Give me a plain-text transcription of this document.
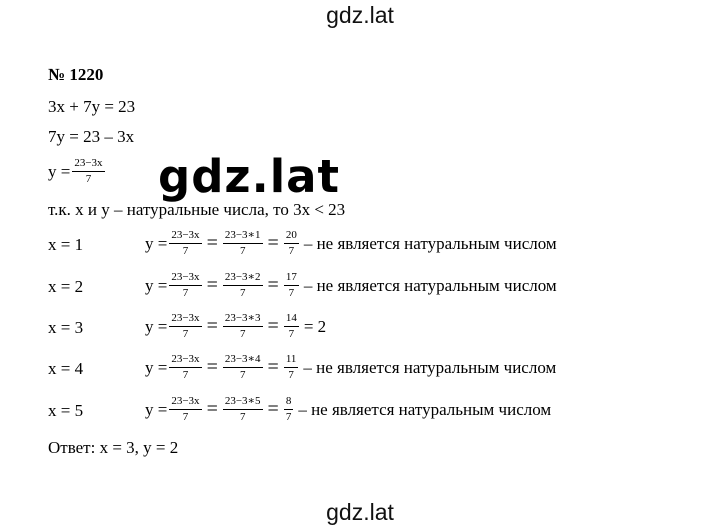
gdz.lat
№ 1220
3x + 7y = 23
7y = 23 – 3x
$y = \frac{23-3x}{7} gdz.lat$
т.к. x и y – натуральные числа, то 3x < 23
x = 1	$y = \frac{23-3x}{7} = \frac{23-3∗1}{7} = \frac{20}{7}$ – не является натуральным числом
x = 2	$y = \frac{23-3x}{7} = \frac{23-3∗2}{7} = \frac{17}{7}$ – не является натуральным числом
x = 3	$y = \frac{23-3x}{7} = \frac{23-3∗3}{7} = \frac{14}{7} = 2$
x = 4	$y = \frac{23-3x}{7} = \frac{23-3∗4}{7} = \frac{11}{7}$ – не является натуральным числом
x = 5	$y = \frac{23-3x}{7} = \frac{23-3∗5}{7} = \frac{8}{7}$ – не является натуральным числом
Ответ: x = 3, y = 2
gdz.lat
